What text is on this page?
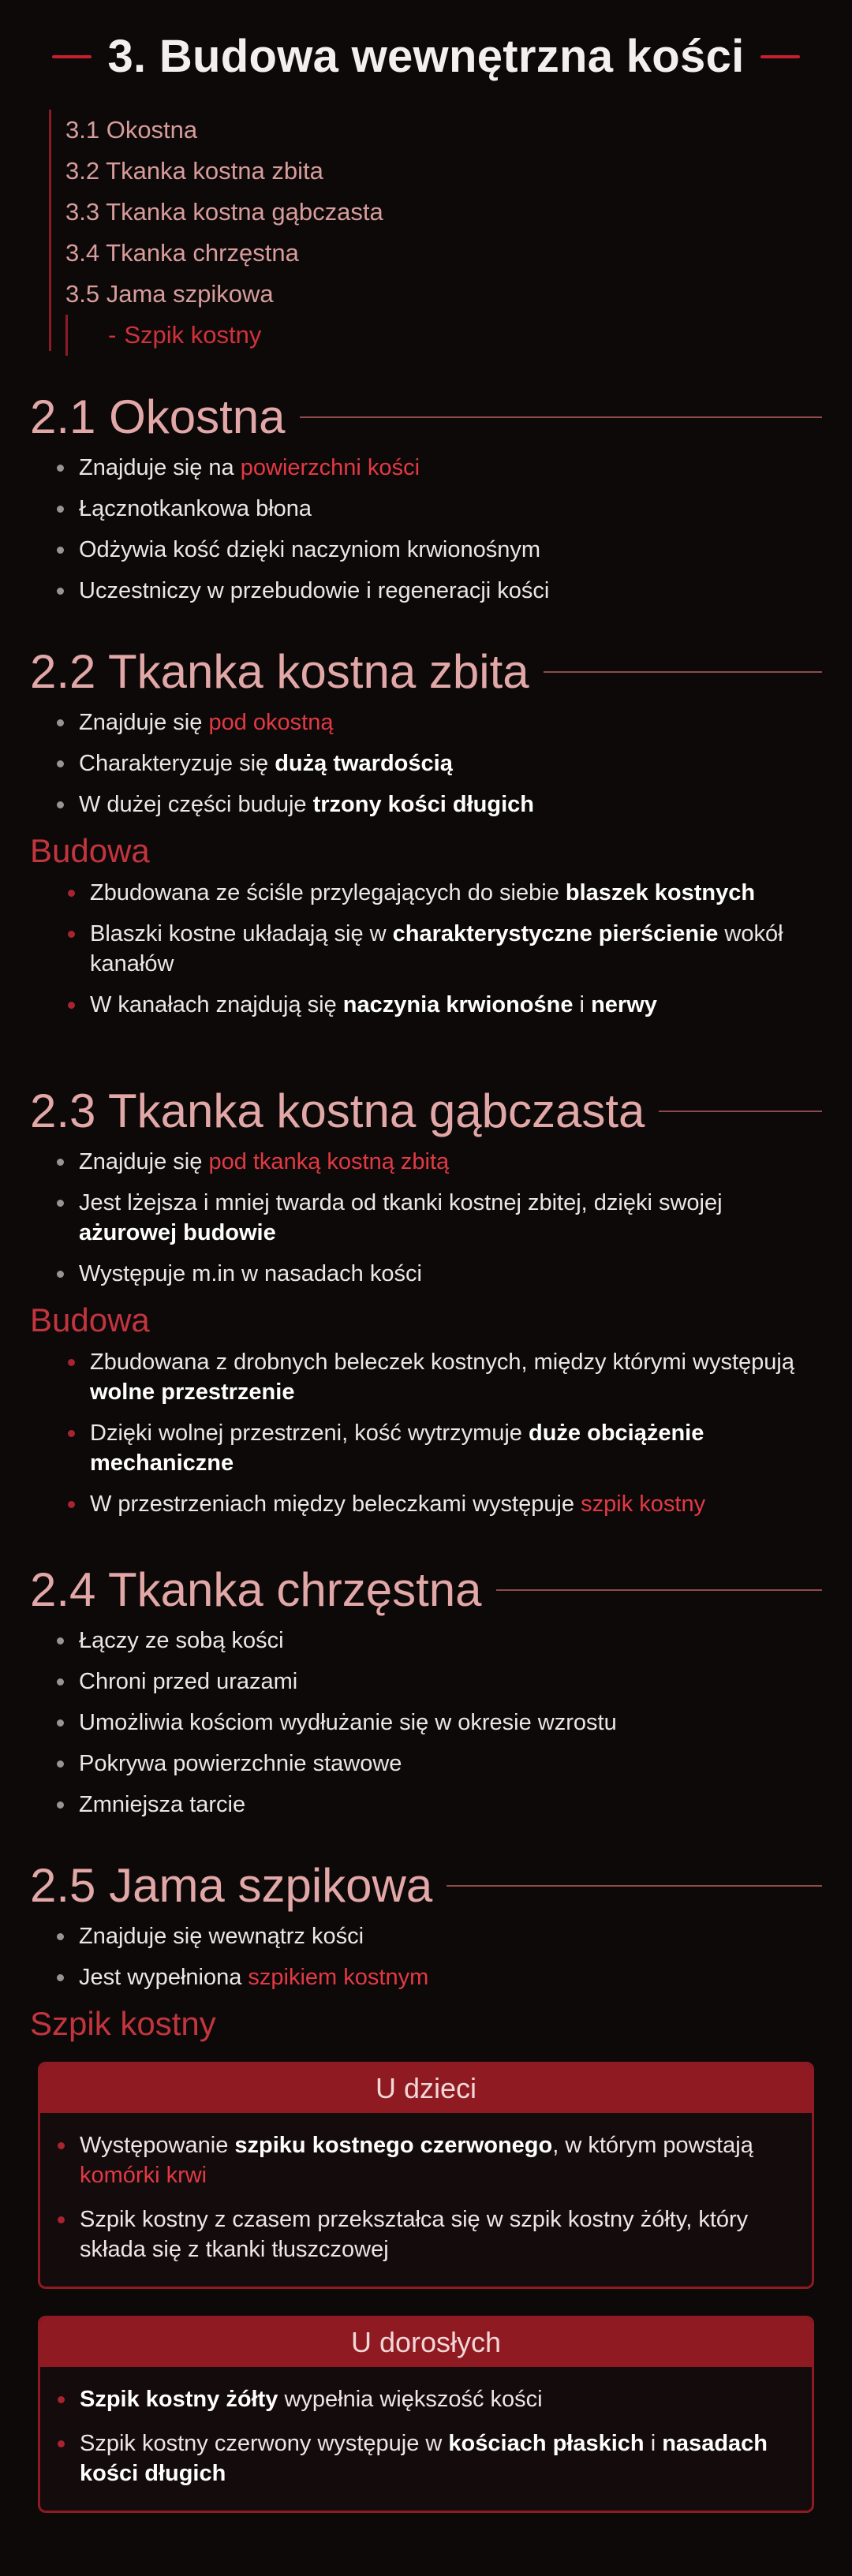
3. Budowa wewnętrzna kości
3.1 Okostna
3.2 Tkanka kostna zbita
3.3 Tkanka kostna gąbczasta
3.4 Tkanka chrzęstna
3.5 Jama szpikowa
- Szpik kostny
2.1 Okostna
Znajduje się na powierzchni kości
Łącznotkankowa błona
Odżywia kość dzięki naczyniom krwionośnym
Uczestniczy w przebudowie i regeneracji kości
2.2 Tkanka kostna zbita
Znajduje się pod okostną
Charakteryzuje się dużą twardością
W dużej części buduje trzony kości długich
Budowa
Zbudowana ze ściśle przylegających do siebie blaszek kostnych
Blaszki kostne układają się w charakterystyczne pierścienie wokół kanałów
W kanałach znajdują się naczynia krwionośne i nerwy
2.3 Tkanka kostna gąbczasta
Znajduje się pod tkanką kostną zbitą
Jest lżejsza i mniej twarda od tkanki kostnej zbitej, dzięki swojej ażurowej budowie
Występuje m.in w nasadach kości
Budowa
Zbudowana z drobnych beleczek kostnych, między którymi występują wolne przestrzenie
Dzięki wolnej przestrzeni, kość wytrzymuje duże obciążenie mechaniczne
W przestrzeniach między beleczkami występuje szpik kostny
2.4 Tkanka chrzęstna
Łączy ze sobą kości
Chroni przed urazami
Umożliwia kościom wydłużanie się w okresie wzrostu
Pokrywa powierzchnie stawowe
Zmniejsza tarcie
2.5 Jama szpikowa
Znajduje się wewnątrz kości
Jest wypełniona szpikiem kostnym
Szpik kostny
U dzieci
Występowanie szpiku kostnego czerwonego, w którym powstają komórki krwi
Szpik kostny z czasem przekształca się w szpik kostny żółty, który składa się z tkanki tłuszczowej
U dorosłych
Szpik kostny żółty wypełnia większość kości
Szpik kostny czerwony występuje w kościach płaskich i nasadach kości długich
